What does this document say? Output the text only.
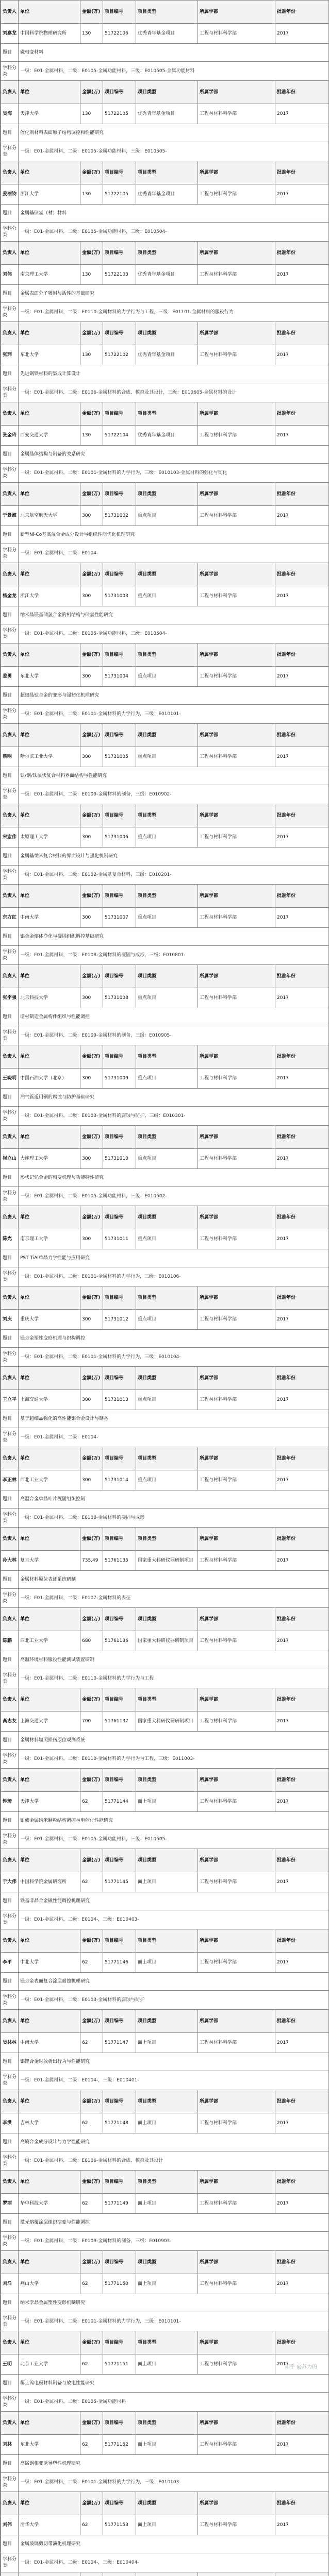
负责人	单位	金额(万)	项目编号	项目类型	所属学部	批准年份
刘嘉龙	中国科学院物理研究所	130	51722106	优秀青年基金项目	工程与材料科学部	2017
题目	磁相变材料					
学科分类	一级：E01-金属材料，二级：E0105-金属功能材料，三级：E010505-金属功能材料					
负责人	单位	金额(万)	项目编号	项目类型	所属学部	批准年份
吴海	天津大学	130	51722105	优秀青年基金项目	工程与材料科学部	2017
题目	催化剂材料表面原子结构调控和性能研究					
学科分类	一级：E01-金属材料，二级：E0105-金属功能材料，三级：E010505-					
负责人	单位	金额(万)	项目编号	项目类型	所属学部	批准年份
姜丽钧	浙江大学	130	51722105	优秀青年基金项目	工程与材料科学部	2017
题目	金属基储氢（材）材料					
学科分类	一级：E01-金属材料，二级：E0105-金属功能材料，三级：E010504-					
负责人	单位	金额(万)	项目编号	项目类型	所属学部	批准年份
刘伟	南京理工大学	130	51722103	优秀青年基金项目	工程与材料科学部	2017
题目	金属表面分子吸附与活性的基础研究					
学科分类	一级：E01-金属材料，二级：E0110-金属材料的力学行为与工程，三级：E01101-金属材料的服役行为					
负责人	单位	金额(万)	项目编号	项目类型	所属学部	批准年份
张玮	东北大学	130	51722102	优秀青年基金项目	工程与材料科学部	2017
题目	先进钢铁材料的集成计算设计					
学科分类	一级：E01-金属材料，二级：E0106-金属材料的合成、模拟及其设计，三级：E010605-金属材料的设计					
负责人	单位	金额(万)	项目编号	项目类型	所属学部	批准年份
张金玲	西安交通大学	130	51722104	优秀青年基金项目	工程与材料科学部	2017
题目	金属晶体结构与制备的关系研究					
学科分类	一级：E01-金属材料，二级：E0101-金属材料的力学行为，三级：E010103-金属材料的强化与韧化					
负责人	单位	金额(万)	项目编号	项目类型	所属学部	批准年份
于景海	北京航空航天大学	300	51731002	重点项目	工程与材料科学部	2017
题目	新型Ni-Co基高温合金成分设计与组织性能优化机理研究					
学科分类	一级：E01-金属材料，二级：E0104-					
负责人	单位	金额(万)	项目编号	项目类型	所属学部	批准年份
杨金龙	浙江大学	300	51731003	重点项目	工程与材料科学部	2017
题目	纳米晶镁基储氢合金的相结构与储氢性能研究					
学科分类	一级：E01-金属材料，二级：E0105-金属功能材料，三级：E010504-					
负责人	单位	金额(万)	项目编号	项目类型	所属学部	批准年份
姜勇	东北大学	300	51731004	重点项目	工程与材料科学部	2017
题目	超细晶钛合金的变形与强韧化机理研究					
学科分类	一级：E01-金属材料，二级：E0101-金属材料的力学行为，三级：E010101-					
负责人	单位	金额(万)	项目编号	项目类型	所属学部	批准年份
蔡明	哈尔滨工业大学	300	51731005	重点项目	工程与材料科学部	2017
题目	钛/钢/钛层状复合材料界面结构与性能研究					
学科分类	一级：E01-金属材料，二级：E0109-金属材料的制备，三级：E010902-					
负责人	单位	金额(万)	项目编号	项目类型	所属学部	批准年份
宋宏伟	太原理工大学	300	51731006	重点项目	工程与材料科学部	2017
题目	金属基纳米复合材料的界面设计与强化机制研究					
学科分类	一级：E01-金属材料，二级：E0102-金属基复合材料，三级：E010201-					
负责人	单位	金额(万)	项目编号	项目类型	所属学部	批准年份
东方红	中南大学	300	51731007	重点项目	工程与材料科学部	2017
题目	铝合金熔体净化与凝固组织调控基础研究					
学科分类	一级：E01-金属材料，二级：E0108-金属材料的凝固与成形，三级：E010801-					
负责人	单位	金额(万)	项目编号	项目类型	所属学部	批准年份
张宇强	北京科技大学	300	51731008	重点项目	工程与材料科学部	2017
题目	增材制造金属构件组织与性能调控					
学科分类	一级：E01-金属材料，二级：E0109-金属材料的制备，三级：E010905-					
负责人	单位	金额(万)	项目编号	项目类型	所属学部	批准年份
王晓明	中国石油大学（北京）	300	51731009	重点项目	工程与材料科学部	2017
题目	油气管道用钢的腐蚀与防护基础研究					
学科分类	一级：E01-金属材料，二级：E0103-金属材料的腐蚀与防护，三级：E010301-					
负责人	单位	金额(万)	项目编号	项目类型	所属学部	批准年份
崔立山	大连理工大学	300	51731010	重点项目	工程与材料科学部	2017
题目	形状记忆合金的相变机理与功能特性研究					
学科分类	一级：E01-金属材料，二级：E0105-金属功能材料，三级：E010502-					
负责人	单位	金额(万)	项目编号	项目类型	所属学部	批准年份
陈光	南京理工大学	300	51731011	重点项目	工程与材料科学部	2017
题目	PST TiAl单晶力学性能与应用研究					
学科分类	一级：E01-金属材料，二级：E0101-金属材料的力学行为，三级：E010106-					
负责人	单位	金额(万)	项目编号	项目类型	所属学部	批准年份
刘庆	重庆大学	300	51731012	重点项目	工程与材料科学部	2017
题目	镁合金塑性变形机理与织构调控					
学科分类	一级：E01-金属材料，二级：E0101-金属材料的力学行为，三级：E010104-					
负责人	单位	金额(万)	项目编号	项目类型	所属学部	批准年份
王立平	上海交通大学	300	51731013	重点项目	工程与材料科学部	2017
题目	基于超细晶强化的高性能铝合金设计与制备					
学科分类	一级：E01-金属材料，二级：E0104-					
负责人	单位	金额(万)	项目编号	项目类型	所属学部	批准年份
李正林	西北工业大学	300	51731014	重点项目	工程与材料科学部	2017
题目	高温合金单晶叶片凝固组织控制					
学科分类	一级：E01-金属材料，二级：E0108-金属材料的凝固与成形					
负责人	单位	金额(万)	项目编号	项目类型	所属学部	批准年份
孙大林	复旦大学	735.49	51761135	国家重大科研仪器研制项目	工程与材料科学部	2017
题目	金属材料原位表征系统研制					
学科分类	一级：E01-金属材料，二级：E0107-金属材料的表征					
负责人	单位	金额(万)	项目编号	项目类型	所属学部	批准年份
陈鹏	西北工业大学	680	51761136	国家重大科研仪器研制项目	工程与材料科学部	2017
题目	高温环境材料服役性能测试装置研制					
学科分类	一级：E01-金属材料，二级：E0110-金属材料的力学行为与工程					
负责人	单位	金额(万)	项目编号	项目类型	所属学部	批准年份
高志友	上海交通大学	700	51761137	国家重大科研仪器研制项目	工程与材料科学部	2017
题目	金属材料辐照损伤原位观测系统					
学科分类	一级：E01-金属材料，二级：E0110-金属材料的力学行为与工程，三级：E011003-					
负责人	单位	金额(万)	项目编号	项目类型	所属学部	批准年份
钟琦	天津大学	62	51771144	面上项目	工程与材料科学部	2017
题目	铂族金属纳米颗粒结构调控与电催化性能研究					
学科分类	一级：E01-金属材料，二级：E0105-金属功能材料，三级：E010505-					
负责人	单位	金额(万)	项目编号	项目类型	所属学部	批准年份
于大伟	中国科学院金属研究所	62	51771145	面上项目	工程与材料科学部	2017
题目	铁基非晶合金磁性能调控机理研究					
学科分类	一级：E01-金属材料，二级：E0104-，三级：E010403-					
负责人	单位	金额(万)	项目编号	项目类型	所属学部	批准年份
李平	中北大学	62	51771146	面上项目	工程与材料科学部	2017
题目	镁合金表面复合涂层耐蚀机理研究					
学科分类	一级：E01-金属材料，二级：E0103-金属材料的腐蚀与防护					
负责人	单位	金额(万)	项目编号	项目类型	所属学部	批准年份
吴林林	中南大学	62	51771147	面上项目	工程与材料科学部	2017
题目	铝锂合金时效析出行为与性能研究					
学科分类	一级：E01-金属材料，二级：E0104-，三级：E010401-					
负责人	单位	金额(万)	项目编号	项目类型	所属学部	批准年份
李洪	吉林大学	62	51771148	面上项目	工程与材料科学部	2017
题目	高熵合金成分设计与力学性能研究					
学科分类	一级：E01-金属材料，二级：E0106-金属材料的合成、模拟及其设计					
负责人	单位	金额(万)	项目编号	项目类型	所属学部	批准年份
罗丽	华中科技大学	62	51771149	面上项目	工程与材料科学部	2017
题目	激光熔覆涂层组织演变与性能调控					
学科分类	一级：E01-金属材料，二级：E0109-金属材料的制备，三级：E010903-					
负责人	单位	金额(万)	项目编号	项目类型	所属学部	批准年份
刘洋	燕山大学	62	51771150	面上项目	工程与材料科学部	2017
题目	纳米孪晶金属塑性变形机制研究					
学科分类	一级：E01-金属材料，二级：E0101-金属材料的力学行为，三级：E010101-					
负责人	单位	金额(万)	项目编号	项目类型	所属学部	批准年份
王明	北京工业大学	62	51771151	面上项目	工程与材料科学部	2017
题目	稀土钨电极材料制备与放电性能研究					
学科分类	一级：E01-金属材料，二级：E0105-金属功能材料					
负责人	单位	金额(万)	项目编号	项目类型	所属学部	批准年份
刘林	东北大学	62	51771152	面上项目	工程与材料科学部	2017
题目	高锰钢相变诱导塑性机理研究					
学科分类	一级：E01-金属材料，二级：E0101-金属材料的力学行为，三级：E010103-					
负责人	单位	金额(万)	项目编号	项目类型	所属学部	批准年份
刘伟	清华大学	62	51771153	面上项目	工程与材料科学部	2017
题目	金属玻璃剪切带演化机理研究					
学科分类	一级：E01-金属材料，二级：E0104-，三级：E010404-					

知乎 @苏力的
